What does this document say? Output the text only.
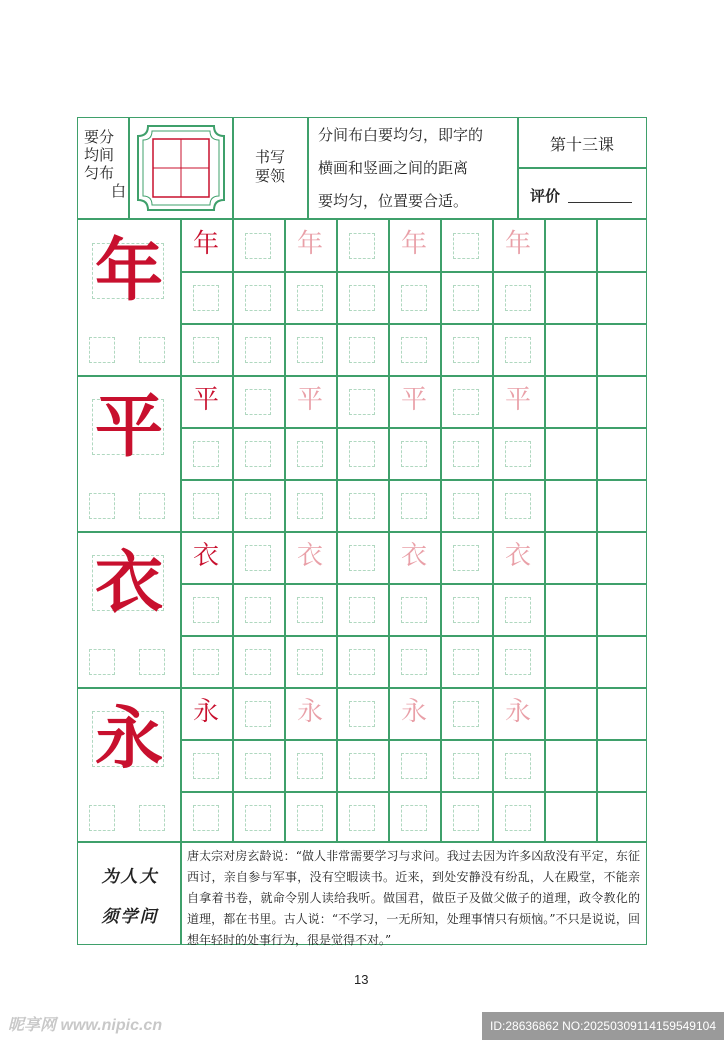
要分
均间
匀布
白
书写
要领
分间布白要均匀，即字的
横画和竖画之间的距离
要均匀，位置要合适。
第十三课
评价
年	年	年	年	年
平	平	平	平	平
衣	衣	衣	衣	衣
永	永	永	永	永
为人大
须学问
唐太宗对房玄龄说：“做人非常需要学习与求问。我过去因为许多凶敌没有平定，东征西讨，亲自参与军事，没有空暇读书。近来，到处安静没有纷乱，人在殿堂，不能亲自拿着书卷，就命令别人读给我听。做国君，做臣子及做父做子的道理，政令教化的道理，都在书里。古人说：“不学习，一无所知，处理事情只有烦恼。”不只是说说，回想年轻时的处事行为，很是觉得不对。”
13
昵享网 www.nipic.cn	ID:28636862 NO:20250309114159549104
